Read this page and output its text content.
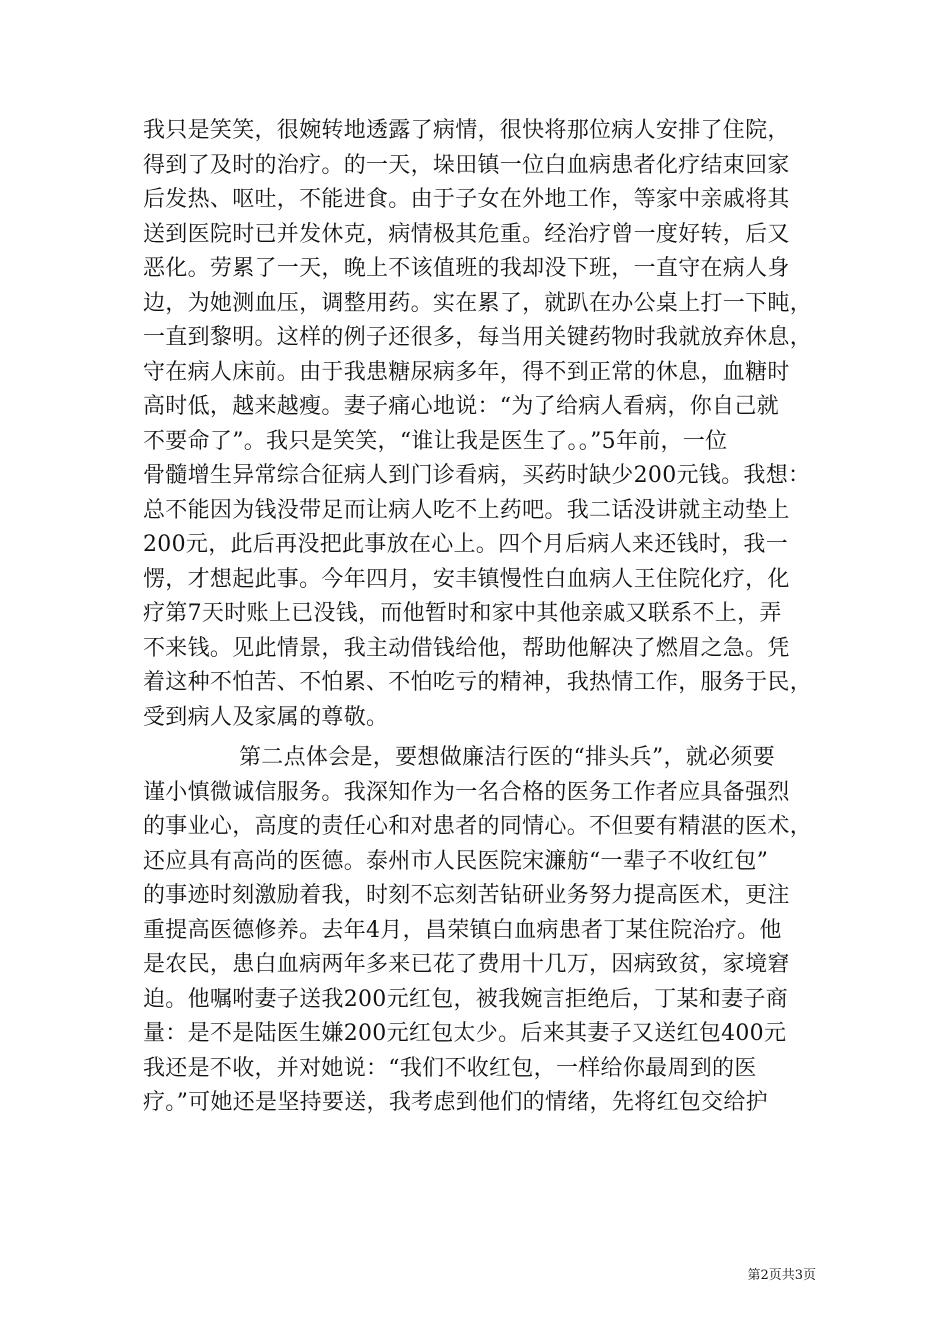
我只是笑笑，很婉转地透露了病情，很快将那位病人安排了住院，
得到了及时的治疗。的一天，垛田镇一位白血病患者化疗结束回家
后发热、呕吐，不能进食。由于子女在外地工作，等家中亲戚将其
送到医院时已并发休克，病情极其危重。经治疗曾一度好转，后又
恶化。劳累了一天，晚上不该值班的我却没下班，一直守在病人身
边，为她测血压，调整用药。实在累了，就趴在办公桌上打一下盹，
一直到黎明。这样的例子还很多，每当用关键药物时我就放弃休息，
守在病人床前。由于我患糖尿病多年，得不到正常的休息，血糖时
高时低，越来越瘦。妻子痛心地说：“为了给病人看病，你自己就
不要命了”。我只是笑笑，“谁让我是医生了。。”5年前，一位
骨髓增生异常综合征病人到门诊看病，买药时缺少200元钱。我想：
总不能因为钱没带足而让病人吃不上药吧。我二话没讲就主动垫上
200元，此后再没把此事放在心上。四个月后病人来还钱时，我一
愣，才想起此事。今年四月，安丰镇慢性白血病人王住院化疗，化
疗第7天时账上已没钱，而他暂时和家中其他亲戚又联系不上，弄
不来钱。见此情景，我主动借钱给他，帮助他解决了燃眉之急。凭
着这种不怕苦、不怕累、不怕吃亏的精神，我热情工作，服务于民，
受到病人及家属的尊敬。
第二点体会是，要想做廉洁行医的“排头兵”，就必须要
谨小慎微诚信服务。我深知作为一名合格的医务工作者应具备强烈
的事业心，高度的责任心和对患者的同情心。不但要有精湛的医术，
还应具有高尚的医德。泰州市人民医院宋濂舫“一辈子不收红包”
的事迹时刻激励着我，时刻不忘刻苦钻研业务努力提高医术，更注
重提高医德修养。去年4月，昌荣镇白血病患者丁某住院治疗。他
是农民，患白血病两年多来已花了费用十几万，因病致贫，家境窘
迫。他嘱咐妻子送我200元红包，被我婉言拒绝后，丁某和妻子商
量：是不是陆医生嫌200元红包太少。后来其妻子又送红包400元
我还是不收，并对她说：“我们不收红包，一样给你最周到的医
疗。”可她还是坚持要送，我考虑到他们的情绪，先将红包交给护
第2页共3页
